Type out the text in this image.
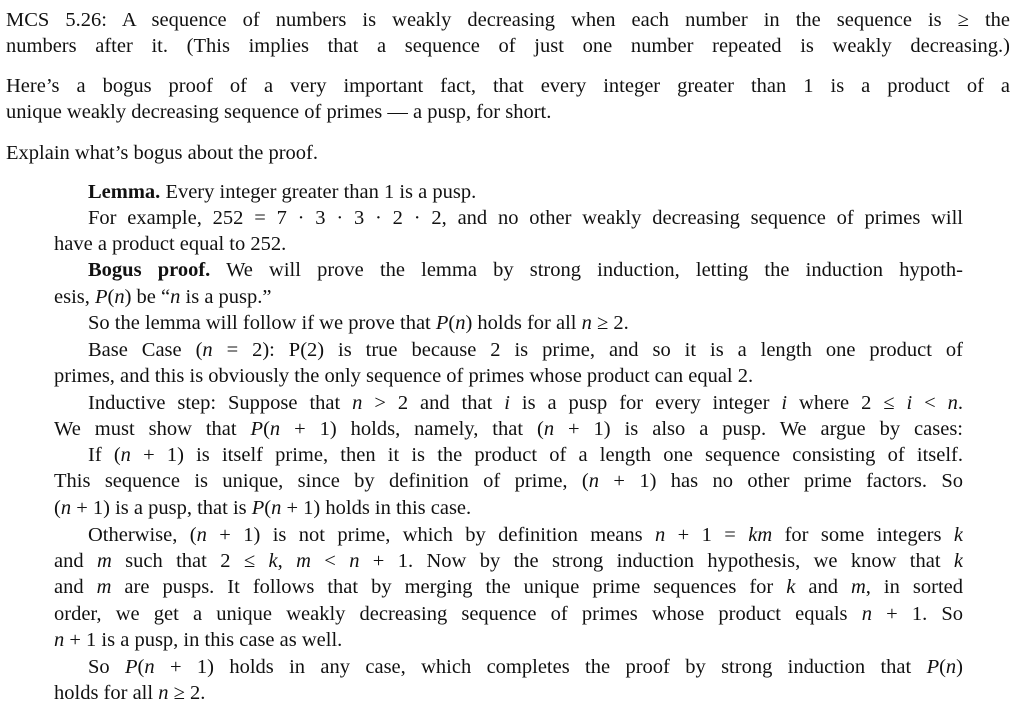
MCS 5.26: A sequence of numbers is weakly decreasing when each number in the sequence is ≥ the
numbers after it. (This implies that a sequence of just one number repeated is weakly decreasing.)
Here’s a bogus proof of a very important fact, that every integer greater than 1 is a product of a
unique weakly decreasing sequence of primes — a pusp, for short.
Explain what’s bogus about the proof.
Lemma. Every integer greater than 1 is a pusp.
For example, 252 = 7 · 3 · 3 · 2 · 2, and no other weakly decreasing sequence of primes will
have a product equal to 252.
Bogus proof. We will prove the lemma by strong induction, letting the induction hypoth-
esis, P(n) be “n is a pusp.”
So the lemma will follow if we prove that P(n) holds for all n ≥ 2.
Base Case (n = 2): P(2) is true because 2 is prime, and so it is a length one product of
primes, and this is obviously the only sequence of primes whose product can equal 2.
Inductive step: Suppose that n > 2 and that i is a pusp for every integer i where 2 ≤ i < n.
We must show that P(n + 1) holds, namely, that (n + 1) is also a pusp. We argue by cases:
If (n + 1) is itself prime, then it is the product of a length one sequence consisting of itself.
This sequence is unique, since by definition of prime, (n + 1) has no other prime factors. So
(n + 1) is a pusp, that is P(n + 1) holds in this case.
Otherwise, (n + 1) is not prime, which by definition means n + 1 = km for some integers k
and m such that 2 ≤ k, m < n + 1. Now by the strong induction hypothesis, we know that k
and m are pusps. It follows that by merging the unique prime sequences for k and m, in sorted
order, we get a unique weakly decreasing sequence of primes whose product equals n + 1. So
n + 1 is a pusp, in this case as well.
So P(n + 1) holds in any case, which completes the proof by strong induction that P(n)
holds for all n ≥ 2.
